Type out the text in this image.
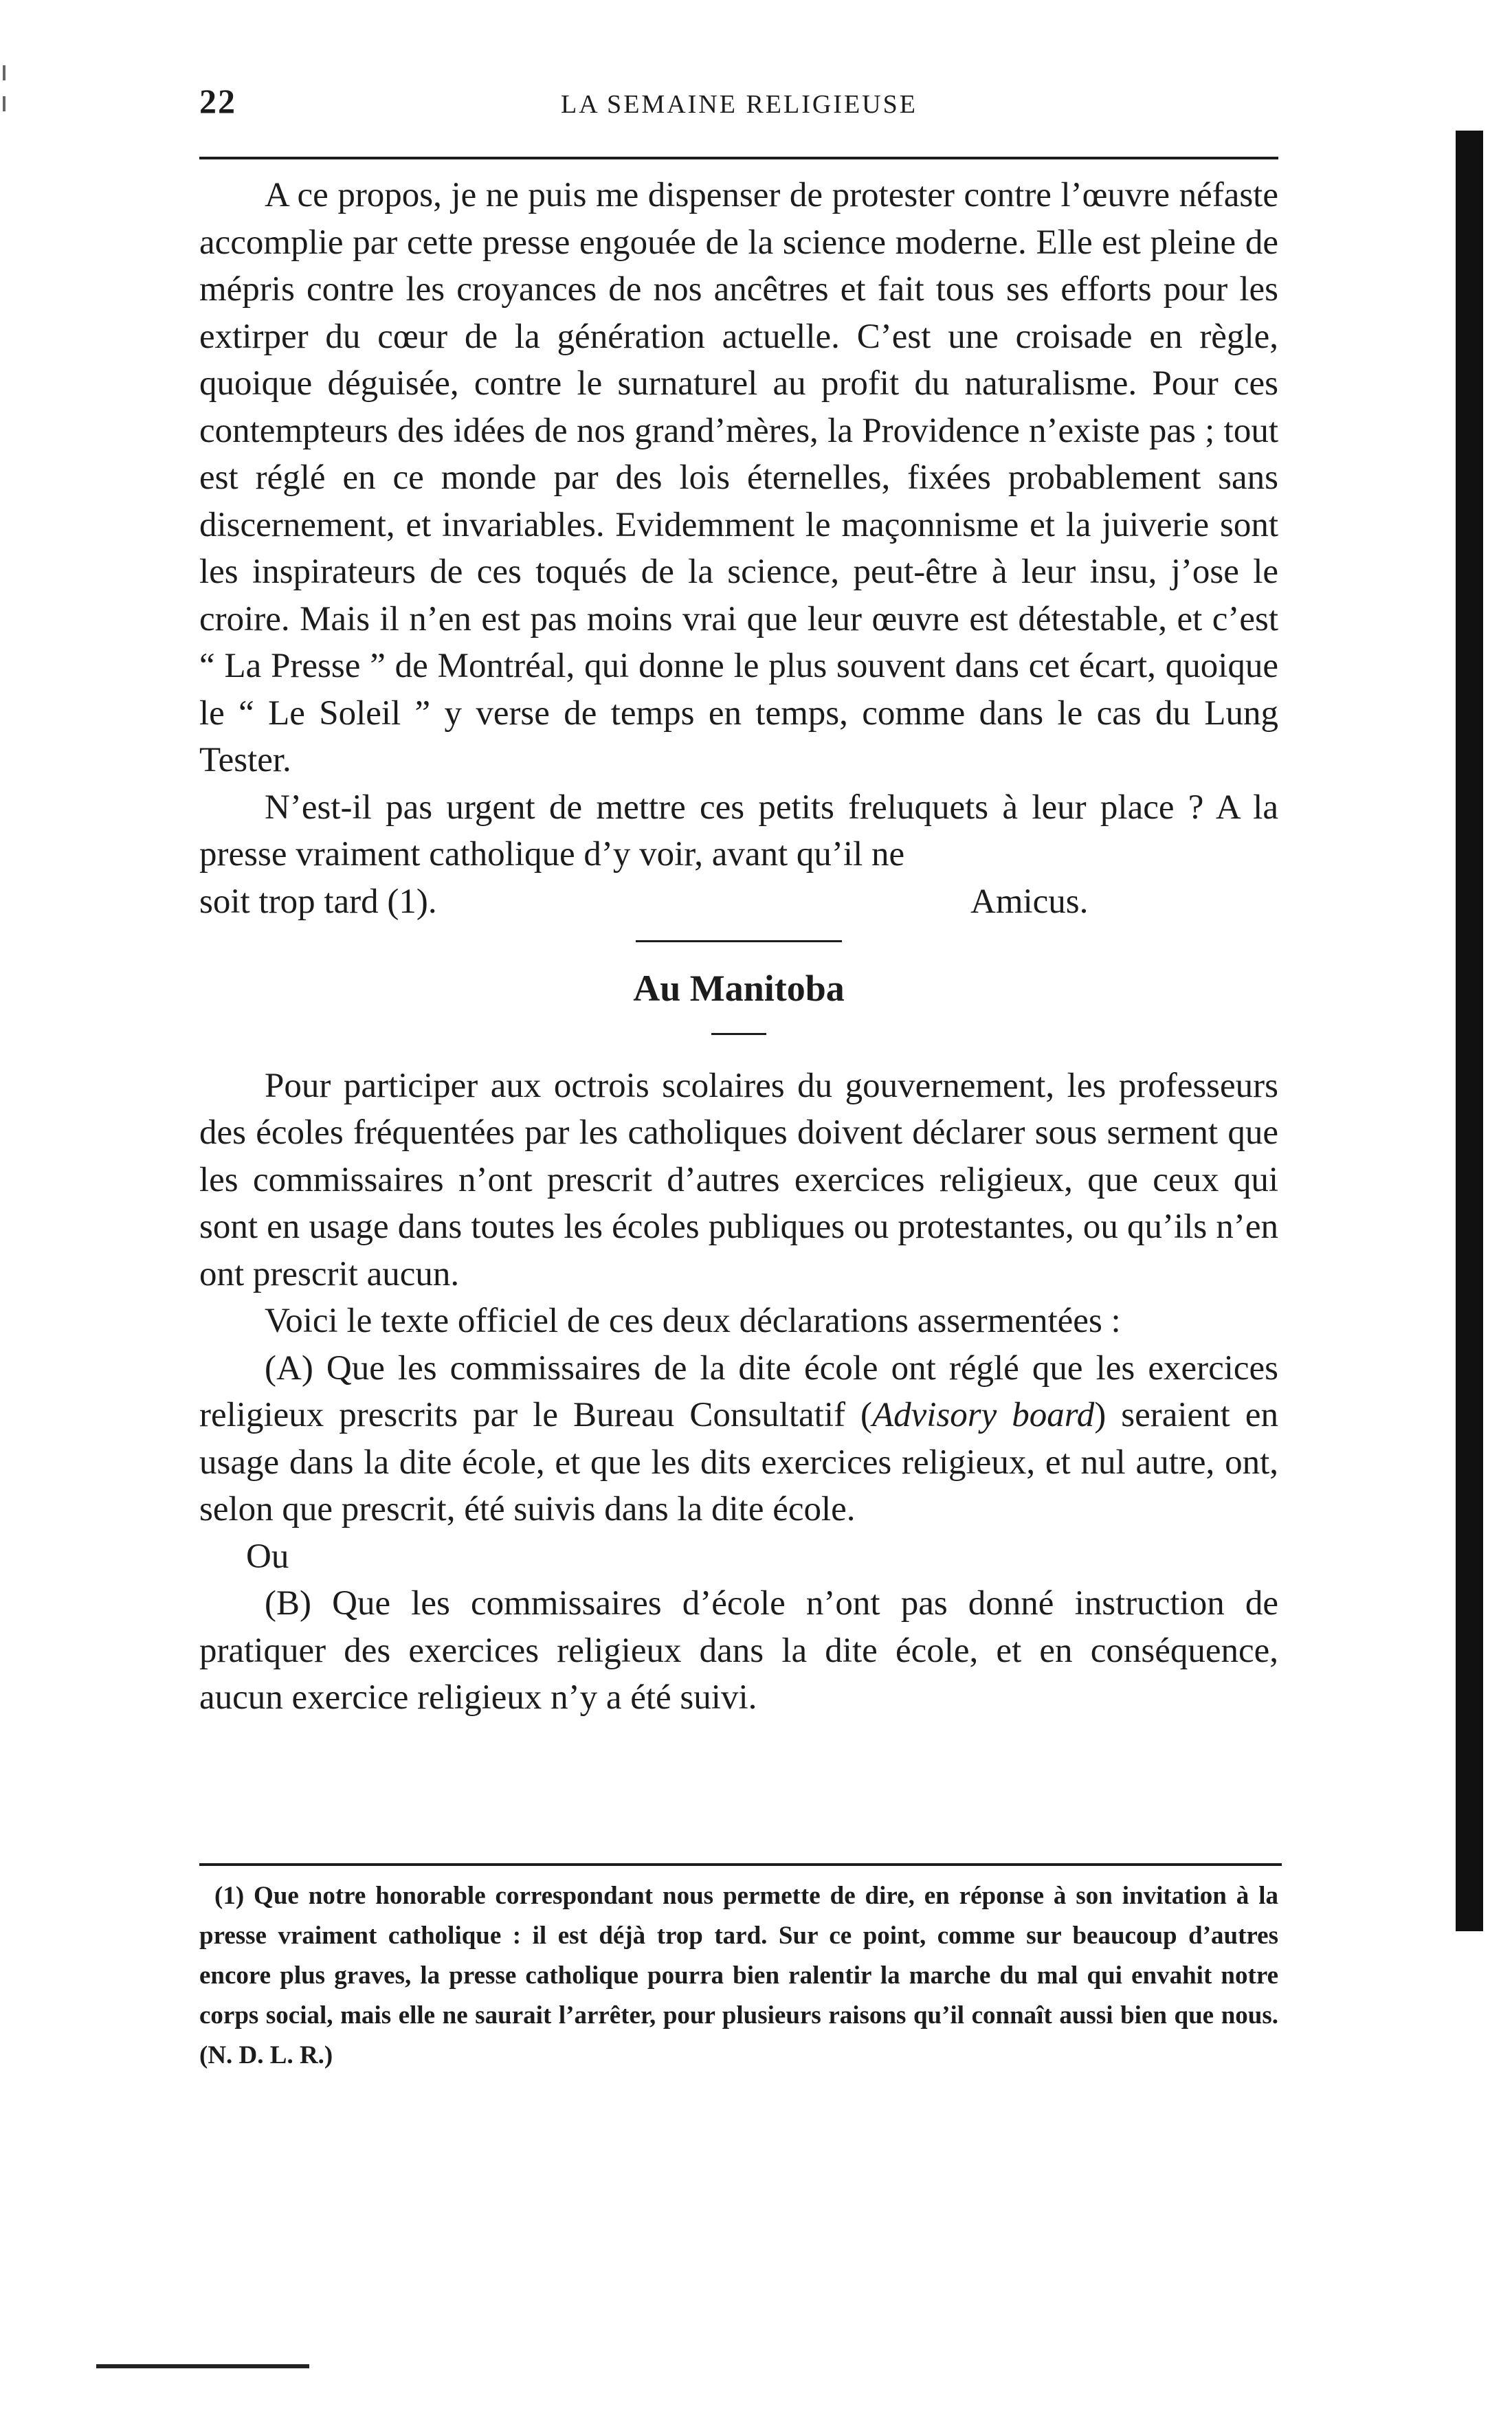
22	LA SEMAINE RELIGIEUSE

A ce propos, je ne puis me dispenser de protester contre l’œuvre néfaste accomplie par cette presse engouée de la science moderne. Elle est pleine de mépris contre les croyances de nos ancêtres et fait tous ses efforts pour les extirper du cœur de la génération actuelle. C’est une croisade en règle, quoique déguisée, contre le surnaturel au profit du naturalisme. Pour ces contempteurs des idées de nos grand’mères, la Providence n’existe pas ; tout est réglé en ce monde par des lois éternelles, fixées probablement sans discernement, et invariables. Evidemment le maçonnisme et la juiverie sont les inspirateurs de ces toqués de la science, peut-être à leur insu, j’ose le croire. Mais il n’en est pas moins vrai que leur œuvre est détestable, et c’est “ La Presse ” de Montréal, qui donne le plus souvent dans cet écart, quoique le “ Le Soleil ” y verse de temps en temps, comme dans le cas du Lung Tester.

N’est-il pas urgent de mettre ces petits freluquets à leur place ? A la presse vraiment catholique d’y voir, avant qu’il ne

soit trop tard (1).	Amicus.

Au Manitoba

Pour participer aux octrois scolaires du gouvernement, les professeurs des écoles fréquentées par les catholiques doivent déclarer sous serment que les commissaires n’ont prescrit d’autres exercices religieux, que ceux qui sont en usage dans toutes les écoles publiques ou protestantes, ou qu’ils n’en ont prescrit aucun.

Voici le texte officiel de ces deux déclarations assermentées :

(A) Que les commissaires de la dite école ont réglé que les exercices religieux prescrits par le Bureau Consultatif (Advisory board) seraient en usage dans la dite école, et que les dits exercices religieux, et nul autre, ont, selon que prescrit, été suivis dans la dite école.

Ou

(B) Que les commissaires d’école n’ont pas donné instruction de pratiquer des exercices religieux dans la dite école, et en conséquence, aucun exercice religieux n’y a été suivi.

(1) Que notre honorable correspondant nous permette de dire, en réponse à son invitation à la presse vraiment catholique : il est déjà trop tard. Sur ce point, comme sur beaucoup d’autres encore plus graves, la presse catholique pourra bien ralentir la marche du mal qui envahit notre corps social, mais elle ne saurait l’arrêter, pour plusieurs raisons qu’il connaît aussi bien que nous. (N. D. L. R.)
